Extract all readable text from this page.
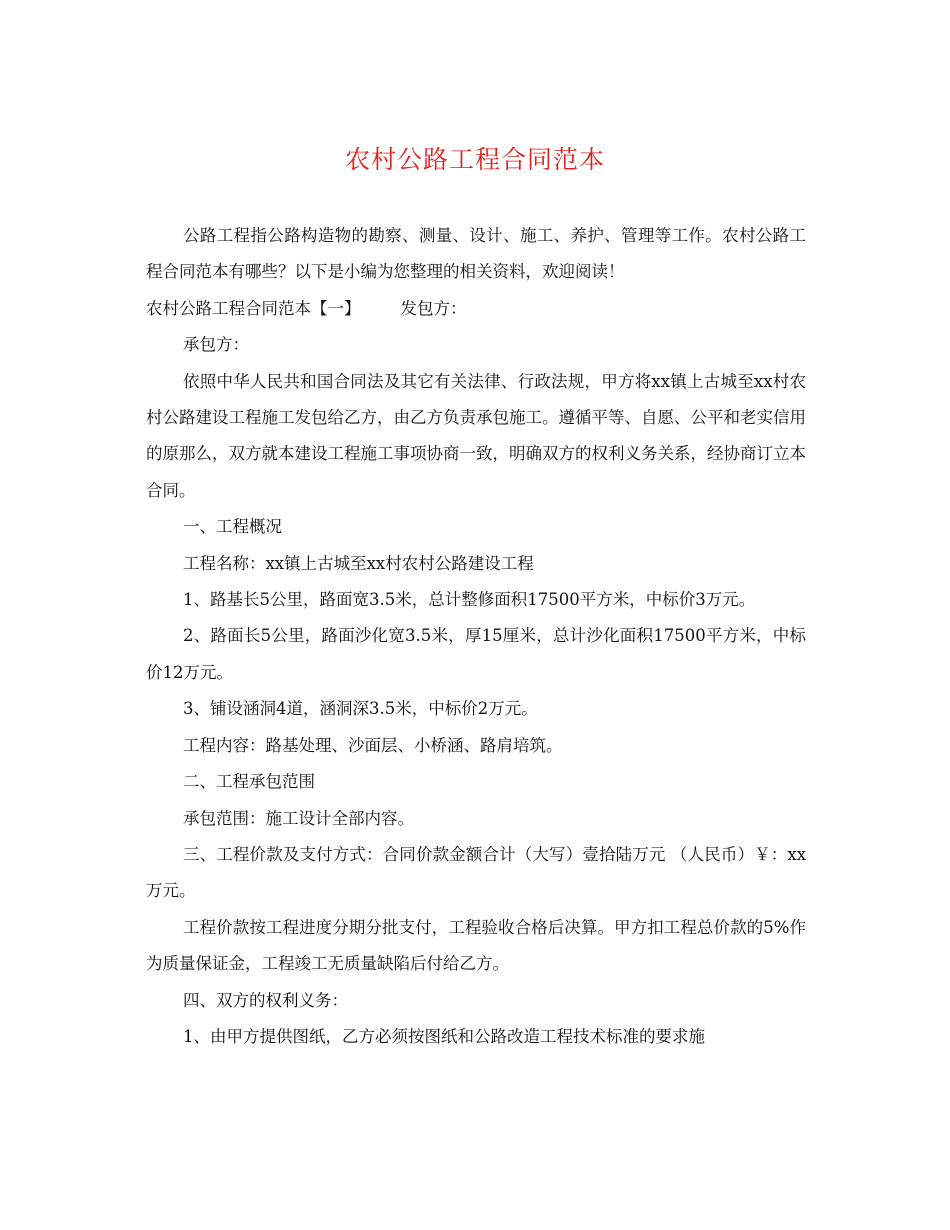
农村公路工程合同范本

公路工程指公路构造物的勘察、测量、设计、施工、养护、管理等工作。农村公路工程合同范本有哪些？以下是小编为您整理的相关资料，欢迎阅读！

农村公路工程合同范本【一】 发包方：

承包方：

依照中华人民共和国合同法及其它有关法律、行政法规，甲方将xx镇上古城至xx村农村公路建设工程施工发包给乙方，由乙方负责承包施工。遵循平等、自愿、公平和老实信用的原那么，双方就本建设工程施工事项协商一致，明确双方的权利义务关系，经协商订立本合同。

一、工程概况

工程名称：xx镇上古城至xx村农村公路建设工程

1、路基长5公里，路面宽3.5米，总计整修面积17500平方米，中标价3万元。

2、路面长5公里，路面沙化宽3.5米，厚15厘米，总计沙化面积17500平方米，中标价12万元。

3、铺设涵洞4道，涵洞深3.5米，中标价2万元。

工程内容：路基处理、沙面层、小桥涵、路肩培筑。

二、工程承包范围

承包范围：施工设计全部内容。

三、工程价款及支付方式：合同价款金额合计（大写）壹拾陆万元 （人民币）￥：xx万元。

工程价款按工程进度分期分批支付，工程验收合格后决算。甲方扣工程总价款的5%作为质量保证金，工程竣工无质量缺陷后付给乙方。

四、双方的权利义务：

1、由甲方提供图纸，乙方必须按图纸和公路改造工程技术标准的要求施
